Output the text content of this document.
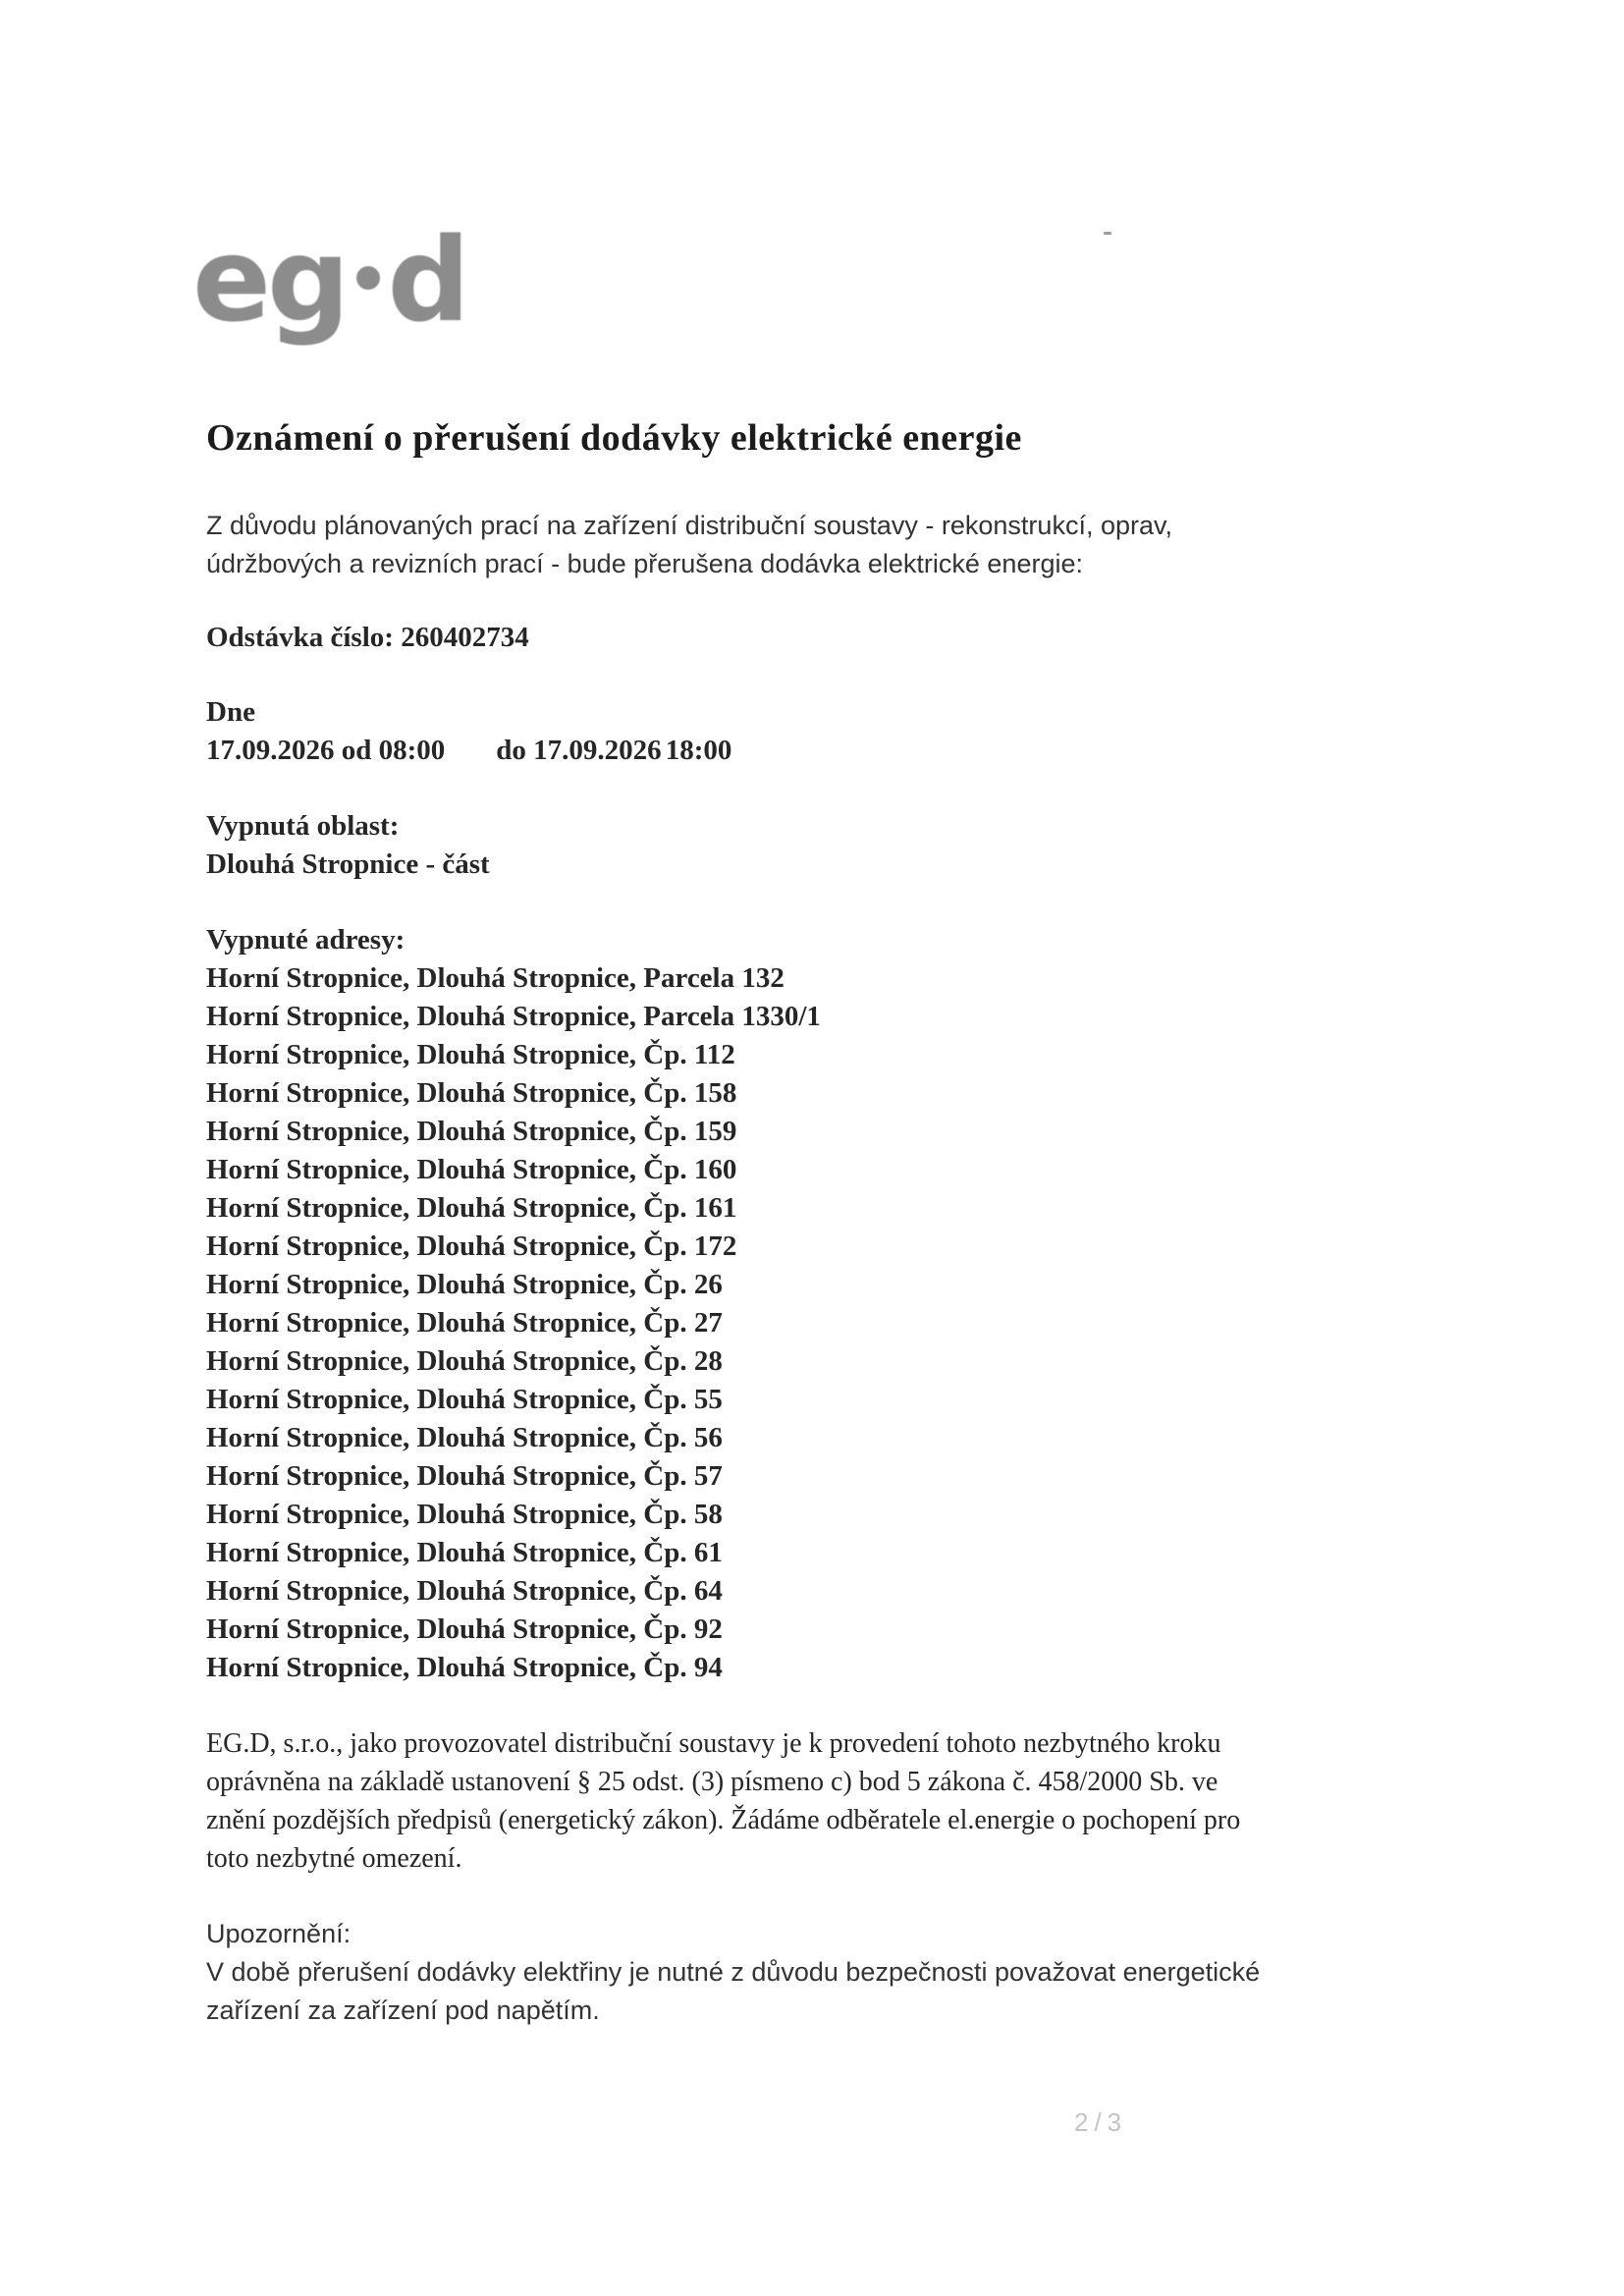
eg d
Oznámení o přerušení dodávky elektrické energie

Z důvodu plánovaných prací na zařízení distribuční soustavy - rekonstrukcí, oprav,

údržbových a revizních prací - bude přerušena dodávka elektrické energie:

Odstávka číslo: 260402734
Dne
17.09.2026 od 08:00 do 17.09.2026 18:00
Vypnutá oblast:
Dlouhá Stropnice - část
Vypnuté adresy:
Horní Stropnice, Dlouhá Stropnice, Parcela 132
Horní Stropnice, Dlouhá Stropnice, Parcela 1330/1
Horní Stropnice, Dlouhá Stropnice, Čp. 112
Horní Stropnice, Dlouhá Stropnice, Čp. 158
Horní Stropnice, Dlouhá Stropnice, Čp. 159
Horní Stropnice, Dlouhá Stropnice, Čp. 160
Horní Stropnice, Dlouhá Stropnice, Čp. 161
Horní Stropnice, Dlouhá Stropnice, Čp. 172
Horní Stropnice, Dlouhá Stropnice, Čp. 26
Horní Stropnice, Dlouhá Stropnice, Čp. 27
Horní Stropnice, Dlouhá Stropnice, Čp. 28
Horní Stropnice, Dlouhá Stropnice, Čp. 55
Horní Stropnice, Dlouhá Stropnice, Čp. 56
Horní Stropnice, Dlouhá Stropnice, Čp. 57
Horní Stropnice, Dlouhá Stropnice, Čp. 58
Horní Stropnice, Dlouhá Stropnice, Čp. 61
Horní Stropnice, Dlouhá Stropnice, Čp. 64
Horní Stropnice, Dlouhá Stropnice, Čp. 92
Horní Stropnice, Dlouhá Stropnice, Čp. 94

EG.D, s.r.o., jako provozovatel distribuční soustavy je k provedení tohoto nezbytného kroku

oprávněna na základě ustanovení § 25 odst. (3) písmeno c) bod 5 zákona č. 458/2000 Sb. ve

znění pozdějších předpisů (energetický zákon). Žádáme odběratele el.energie o pochopení pro

toto nezbytné omezení.

Upozornění:

V době přerušení dodávky elektřiny je nutné z důvodu bezpečnosti považovat energetické

zařízení za zařízení pod napětím.

2/3
